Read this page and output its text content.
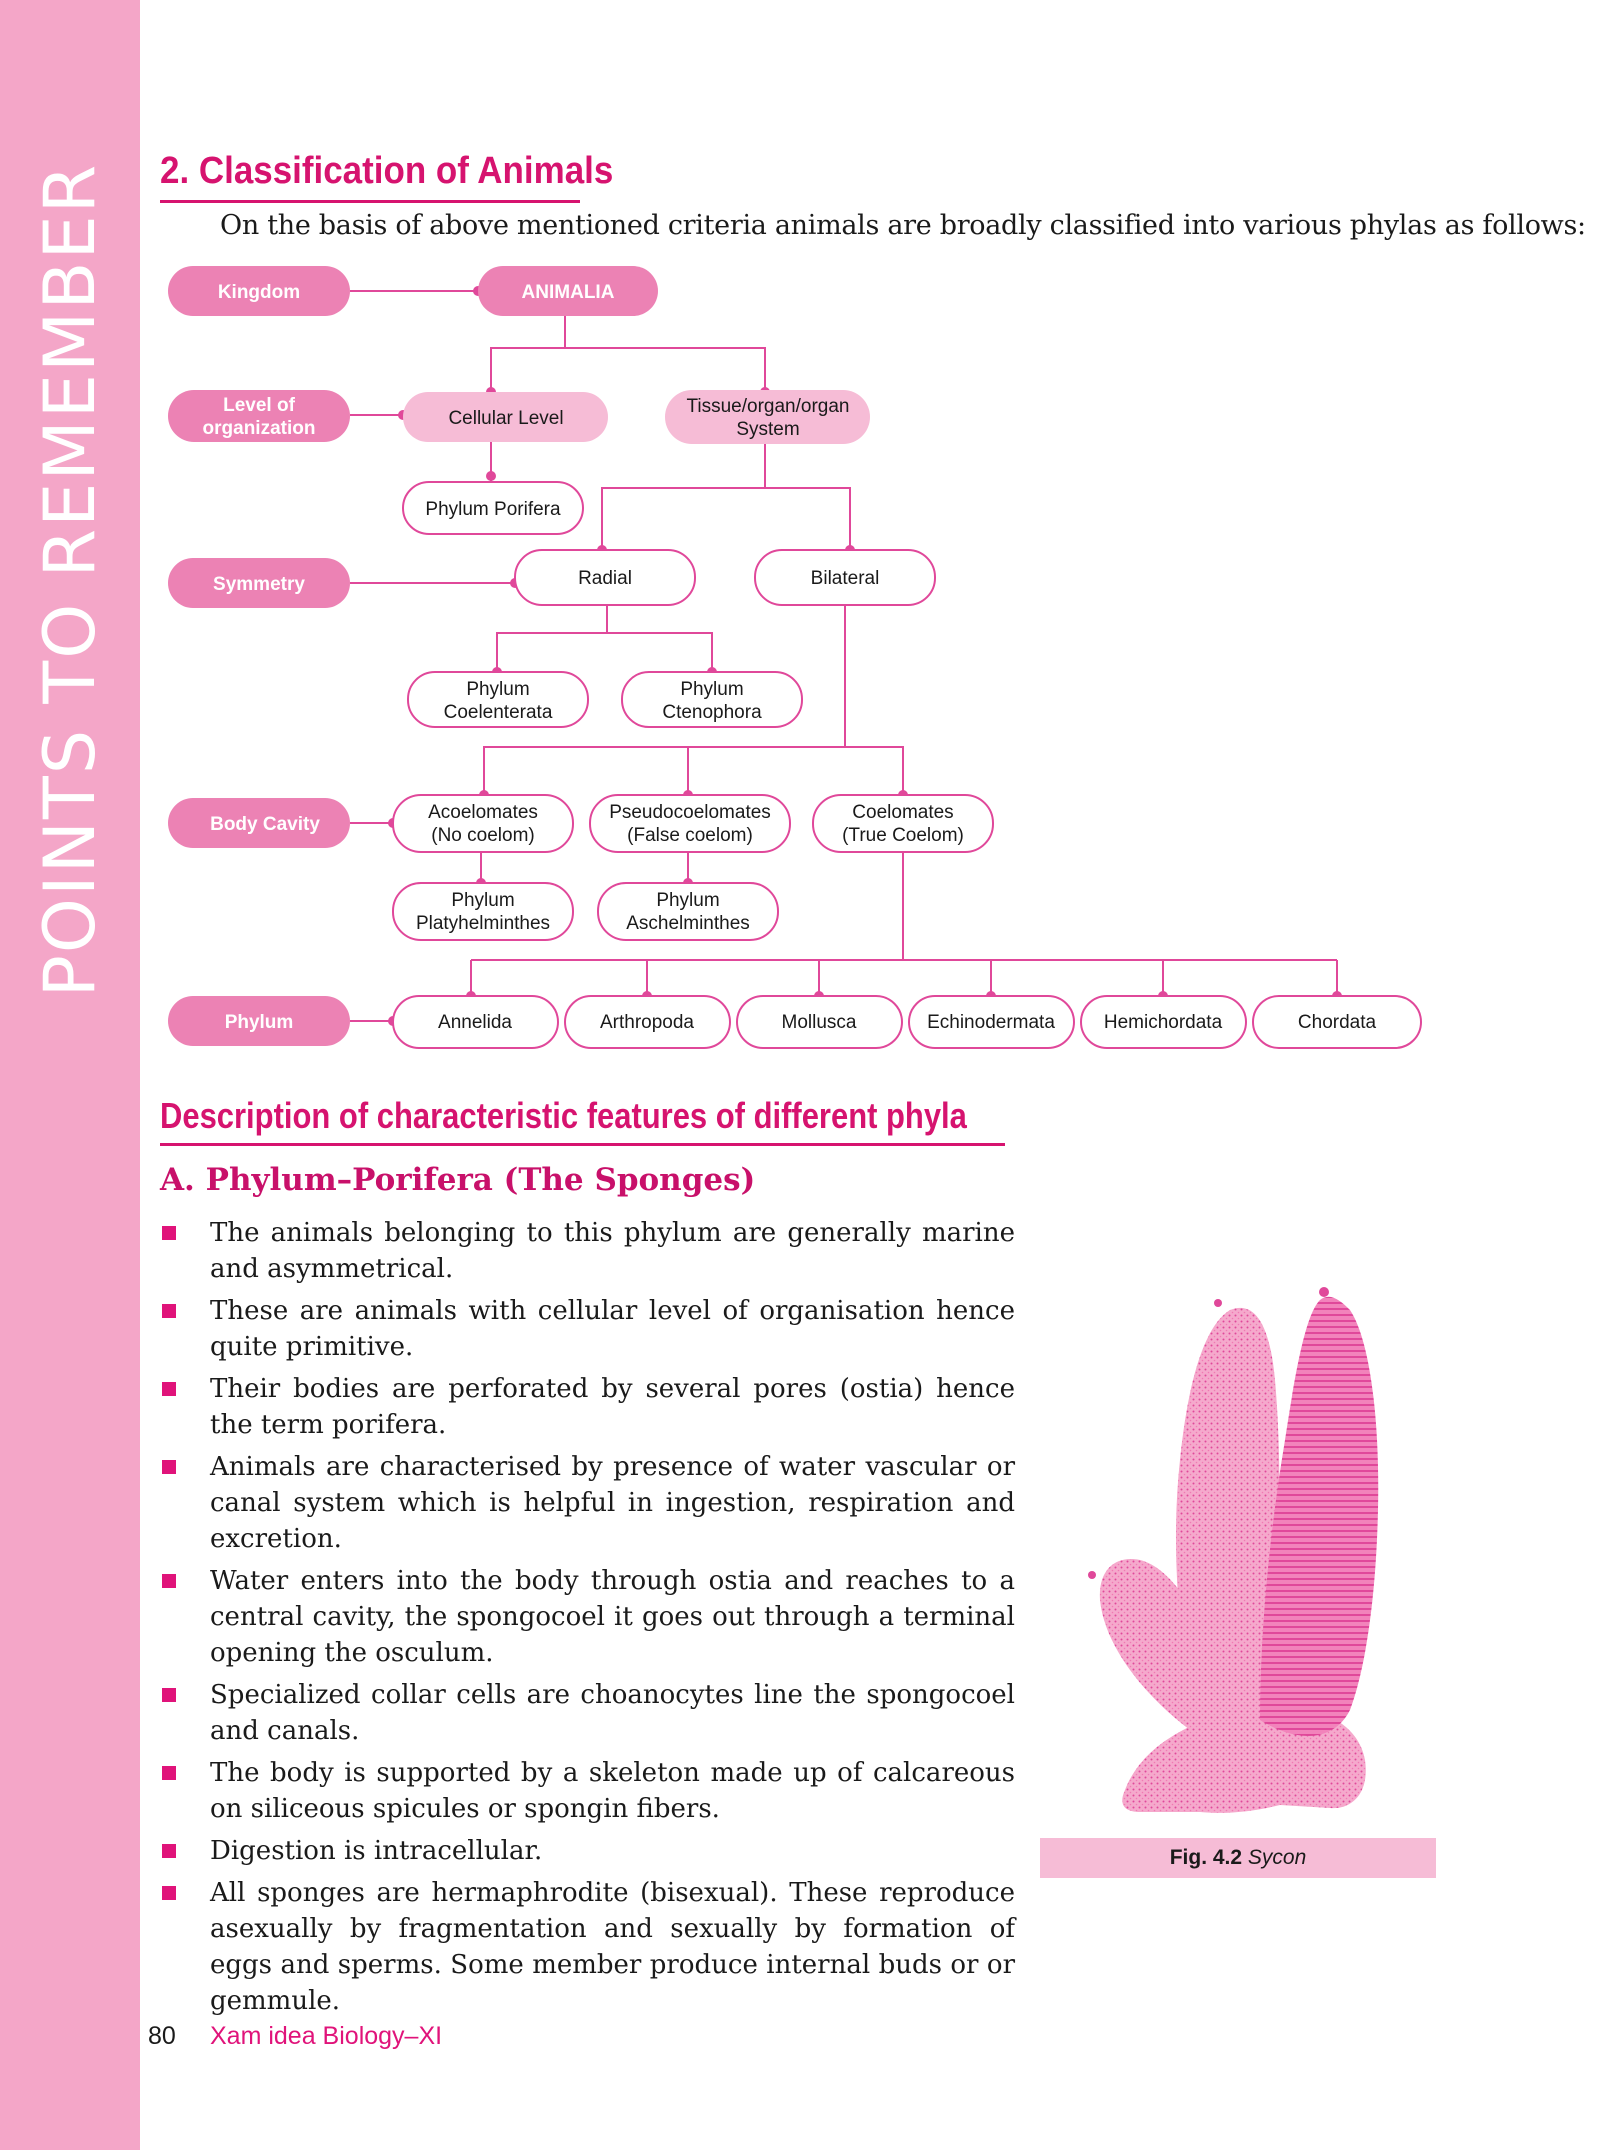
POINTS TO REMEMBER	2. Classification of Animals
On the basis of above mentioned criteria animals are broadly classified into various phylas as follows:
Kingdom
Level of
organization
Symmetry
Body Cavity
Phylum
ANIMALIA
Cellular Level
Tissue/organ/organ
System
Phylum Porifera
Radial	Bilateral
Phylum
Coelenterata
Phylum
Ctenophora
Acoelomates
(No coelom)
Pseudocoelomates
(False coelom)
Coelomates
(True Coelom)
Phylum
Platyhelminthes
Phylum
Aschelminthes
Annelida	Arthropoda	Mollusca	Echinodermata	Hemichordata	Chordata
Description of characteristic features of different phyla
A. Phylum–Porifera (The Sponges)
The animals belonging to this phylum are generally marine and asymmetrical.
These are animals with cellular level of organisation hence quite primitive.
Their bodies are perforated by several pores (ostia) hence the term porifera.
Animals are characterised by presence of water vascular or canal system which is helpful in ingestion, respiration and excretion.
Water enters into the body through ostia and reaches to a central cavity, the spongocoel it goes out through a terminal opening the osculum.
Specialized collar cells are choanocytes line the spongocoel and canals.
The body is supported by a skeleton made up of calcareous on siliceous spicules or spongin fibers.
Digestion is intracellular.
All sponges are hermaphrodite (bisexual). These reproduce asexually by fragmentation and sexually by formation of eggs and sperms. Some member produce internal buds or or gemmule.
Fig. 4.2 Sycon
80 Xam idea Biology–XI
